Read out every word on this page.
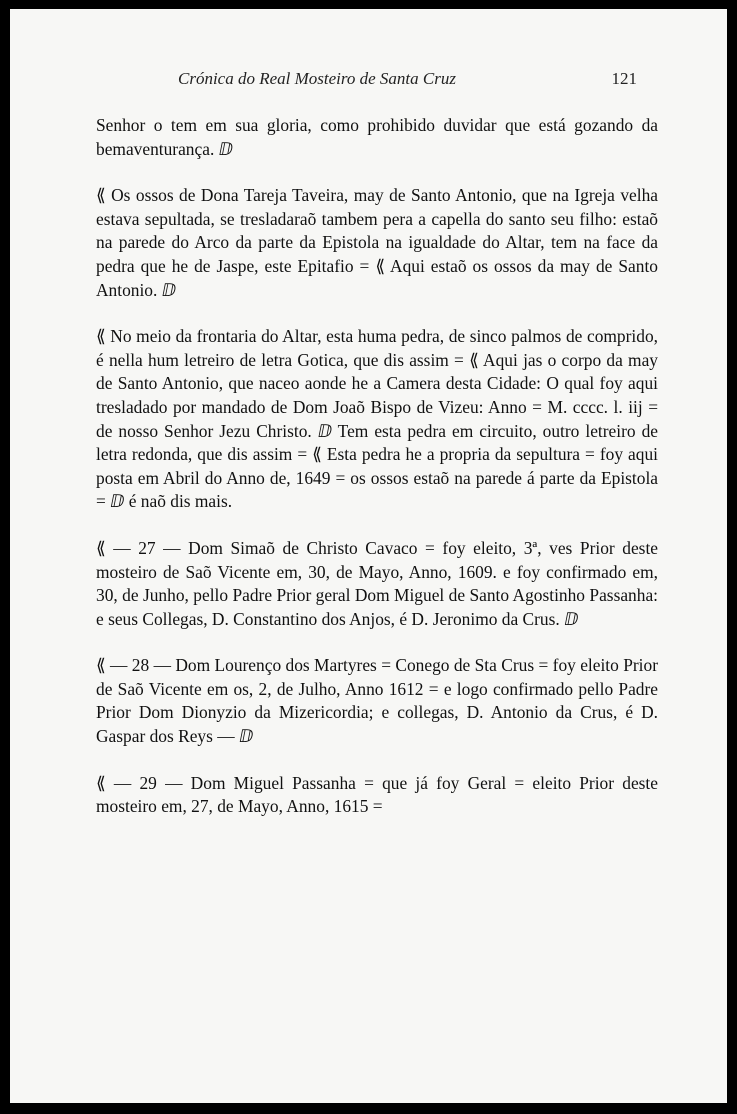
Crónica do Real Mosteiro de Santa Cruz	121

Senhor o tem em sua gloria, como prohibido duvidar que está gozando da bemaventurança. ⅅ

⟪ Os ossos de Dona Tareja Taveira, may de Santo Antonio, que na Igreja velha estava sepultada, se tresladaraõ tambem pera a capella do santo seu filho: estaõ na parede do Arco da parte da Epistola na igualdade do Altar, tem na face da pedra que he de Jaspe, este Epitafio = ⟪ Aqui estaõ os ossos da may de Santo Antonio. ⅅ

⟪ No meio da frontaria do Altar, esta huma pedra, de sinco palmos de comprido, é nella hum letreiro de letra Gotica, que dis assim = ⟪ Aqui jas o corpo da may de Santo Antonio, que naceo aonde he a Camera desta Cidade: O qual foy aqui tresladado por mandado de Dom Joaõ Bispo de Vizeu: Anno = M. cccc. l. iij = de nosso Senhor Jezu Christo. ⅅ Tem esta pedra em circuito, outro letreiro de letra redonda, que dis assim = ⟪ Esta pedra he a propria da sepultura = foy aqui posta em Abril do Anno de, 1649 = os ossos estaõ na parede á parte da Epistola = ⅅ é naõ dis mais.

⟪ — 27 — Dom Simaõ de Christo Cavaco = foy eleito, 3ª, ves Prior deste mosteiro de Saõ Vicente em, 30, de Mayo, Anno, 1609. e foy confirmado em, 30, de Junho, pello Padre Prior geral Dom Miguel de Santo Agostinho Passanha: e seus Collegas, D. Constantino dos Anjos, é D. Jeronimo da Crus. ⅅ

⟪ — 28 — Dom Lourenço dos Martyres = Conego de Sta Crus = foy eleito Prior de Saõ Vicente em os, 2, de Julho, Anno 1612 = e logo confirmado pello Padre Prior Dom Dionyzio da Mizericordia; e collegas, D. Antonio da Crus, é D. Gaspar dos Reys — ⅅ

⟪ — 29 — Dom Miguel Passanha = que já foy Geral = eleito Prior deste mosteiro em, 27, de Mayo, Anno, 1615 =
